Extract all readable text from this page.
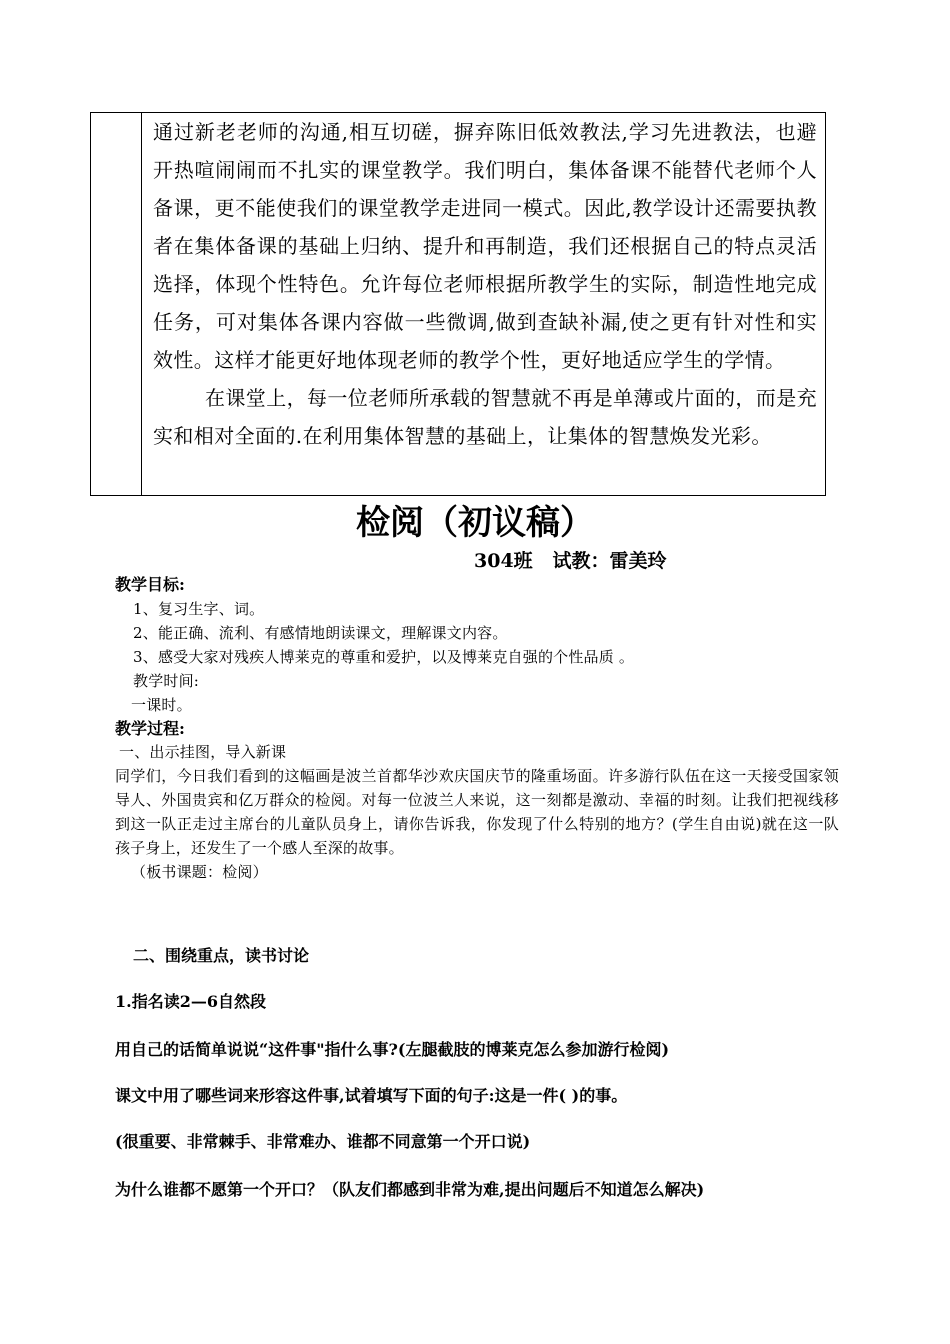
通过新老老师的沟通,相互切磋，摒弃陈旧低效教法,学习先进教法，也避开热喧闹闹而不扎实的课堂教学。我们明白，集体备课不能替代老师个人备课，更不能使我们的课堂教学走进同一模式。因此,教学设计还需要执教者在集体备课的基础上归纳、提升和再制造，我们还根据自己的特点灵活选择，体现个性特色。允许每位老师根据所教学生的实际，制造性地完成任务，可对集体各课内容做一些微调,做到查缺补漏,使之更有针对性和实效性。这样才能更好地体现老师的教学个性，更好地适应学生的学情。

在课堂上，每一位老师所承载的智慧就不再是单薄或片面的，而是充实和相对全面的.在利用集体智慧的基础上，让集体的智慧焕发光彩。

检阅（初议稿）
304班   试教：雷美玲
教学目标:
1、复习生字、词。
2、能正确、流利、有感情地朗读课文，理解课文内容。
3、感受大家对残疾人博莱克的尊重和爱护，以及博莱克自强的个性品质 。
教学时间:
一课时。
教学过程:
一、出示挂图，导入新课
同学们，今日我们看到的这幅画是波兰首都华沙欢庆国庆节的隆重场面。许多游行队伍在这一天接受国家领导人、外国贵宾和亿万群众的检阅。对每一位波兰人来说，这一刻都是激动、幸福的时刻。让我们把视线移到这一队正走过主席台的儿童队员身上，请你告诉我，你发现了什么特别的地方？(学生自由说)就在这一队孩子身上，还发生了一个感人至深的故事。
（板书课题：检阅）
二、围绕重点，读书讨论
1.指名读2—6自然段
用自己的话简单说说“这件事"指什么事?(左腿截肢的博莱克怎么参加游行检阅)
课文中用了哪些词来形容这件事,试着填写下面的句子:这是一件( )的事。
(很重要、非常棘手、非常难办、谁都不同意第一个开口说)
为什么谁都不愿第一个开口？（队友们都感到非常为难,提出问题后不知道怎么解决)
